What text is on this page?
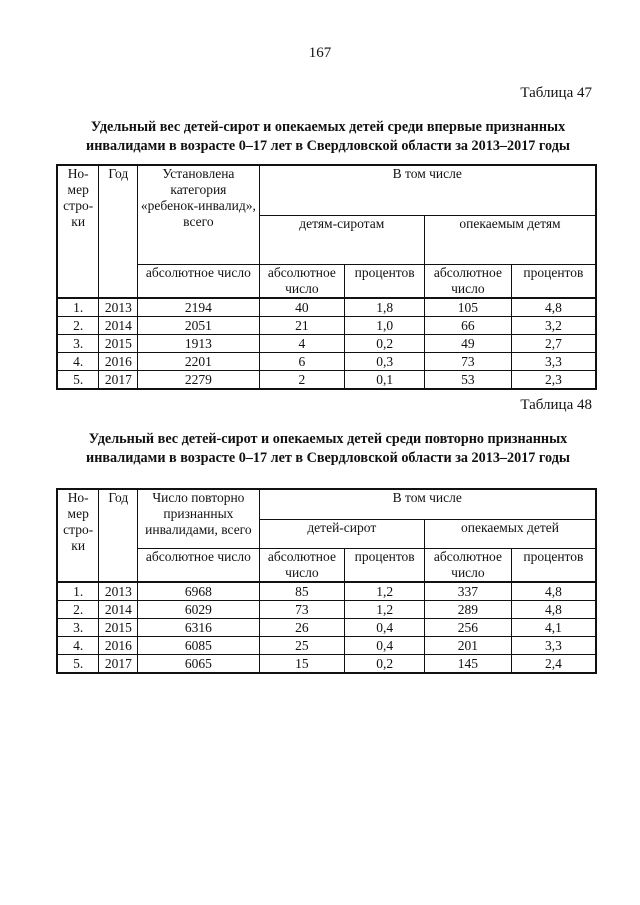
167
Таблица 47
Удельный вес детей-сирот и опекаемых детей среди впервые признанных
инвалидами в возрасте 0–17 лет в Свердловской области за 2013–2017 годы
Но-мер стро-ки	Год	Установлена категория «ребенок-инвалид», всего	В том числе			
			детям-сиротам		опекаемым детям	
		абсолютное число	абсолютное число	процентов	абсолютное число	процентов
1.	2013	2194	40	1,8	105	4,8
2.	2014	2051	21	1,0	66	3,2
3.	2015	1913	4	0,2	49	2,7
4.	2016	2201	6	0,3	73	3,3
5.	2017	2279	2	0,1	53	2,3
Таблица 48
Удельный вес детей-сирот и опекаемых детей среди повторно признанных
инвалидами в возрасте 0–17 лет в Свердловской области за 2013–2017 годы
Но-мер стро-ки	Год	Число повторно признанных инвалидами, всего	В том числе			
			детей-сирот		опекаемых детей	
		абсолютное число	абсолютное число	процентов	абсолютное число	процентов
1.	2013	6968	85	1,2	337	4,8
2.	2014	6029	73	1,2	289	4,8
3.	2015	6316	26	0,4	256	4,1
4.	2016	6085	25	0,4	201	3,3
5.	2017	6065	15	0,2	145	2,4
